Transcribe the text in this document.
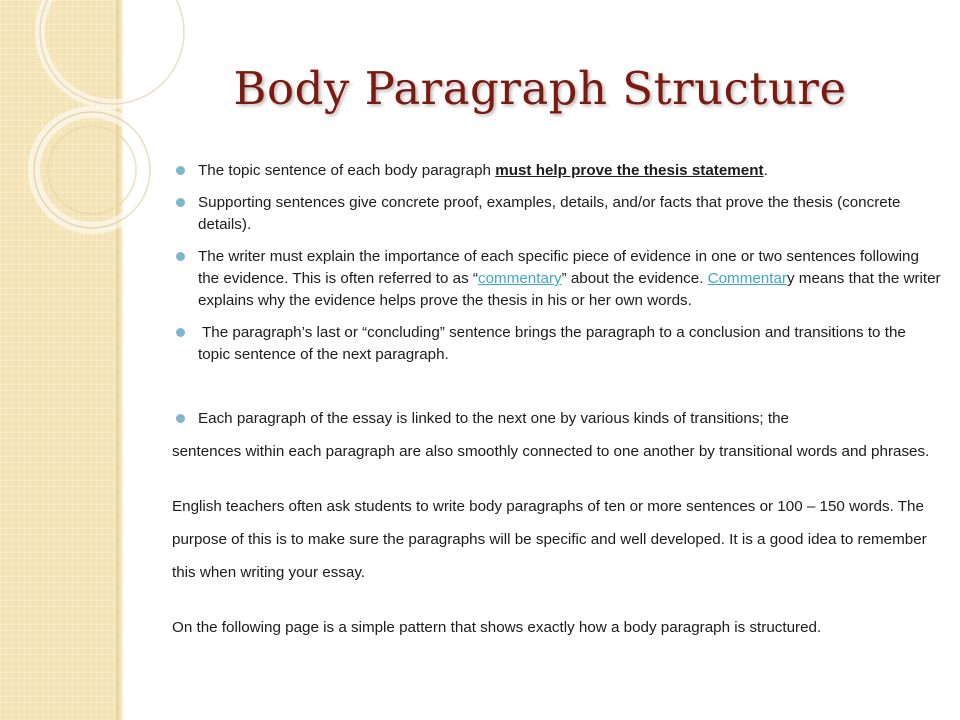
Body Paragraph Structure
The topic sentence of each body paragraph must help prove the thesis statement.
Supporting sentences give concrete proof, examples, details, and/or facts that prove the thesis (concrete details).
The writer must explain the importance of each specific piece of evidence in one or two sentences following the evidence. This is often referred to as “commentary” about the evidence. Commentary means that the writer explains why the evidence helps prove the thesis in his or her own words.
The paragraph’s last or “concluding” sentence brings the paragraph to a conclusion and transitions to the topic sentence of the next paragraph.
Each paragraph of the essay is linked to the next one by various kinds of transitions; the

sentences within each paragraph are also smoothly connected to one another by transitional words and phrases.

English teachers often ask students to write body paragraphs of ten or more sentences or 100 – 150 words. The purpose of this is to make sure the paragraphs will be specific and well developed. It is a good idea to remember this when writing your essay.

On the following page is a simple pattern that shows exactly how a body paragraph is structured.
